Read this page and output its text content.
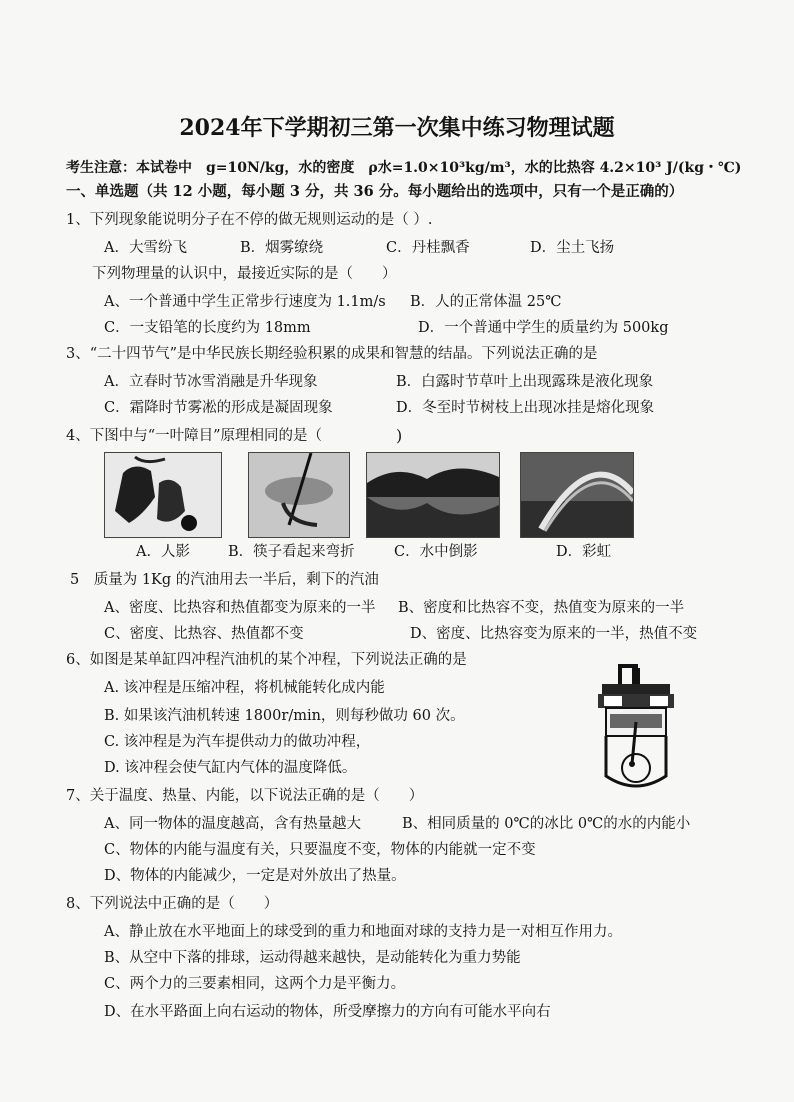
2024年下学期初三第一次集中练习物理试题
考生注意：本试卷中　g=10N/kg，水的密度　ρ水=1.0×10³kg/m³，水的比热容 4.2×10³ J/(kg・℃)
一、单选题（共 12 小题，每小题 3 分，共 36 分。每小题给出的选项中，只有一个是正确的）
1、下列现象能说明分子在不停的做无规则运动的是（ ）.
A．大雪纷飞	B．烟雾缭绕	C．丹桂飘香	D．尘土飞扬
下列物理量的认识中，最接近实际的是（　　）
A、一个普通中学生正常步行速度为 1.1m/s B．人的正常体温 25℃
C．一支铅笔的长度约为 18mm	D．一个普通中学生的质量约为 500kg
3、“二十四节气”是中华民族长期经验积累的成果和智慧的结晶。下列说法正确的是
A．立春时节冰雪消融是升华现象	B．白露时节草叶上出现露珠是液化现象
C．霜降时节雾凇的形成是凝固现象	D．冬至时节树枝上出现冰挂是熔化现象
4、下图中与“一叶障目”原理相同的是（	)
A．人影	B．筷子看起来弯折	C．水中倒影	D．彩虹
5　质量为 1Kg 的汽油用去一半后，剩下的汽油
A、密度、比热容和热值都变为原来的一半 B、密度和比热容不变，热值变为原来的一半
C、密度、比热容、热值都不变	D、密度、比热容变为原来的一半，热值不变
6、如图是某单缸四冲程汽油机的某个冲程，下列说法正确的是
A. 该冲程是压缩冲程，将机械能转化成内能
B. 如果该汽油机转速 1800r/min，则每秒做功 60 次。
C. 该冲程是为汽车提供动力的做功冲程，
D. 该冲程会使气缸内气体的温度降低。
7、关于温度、热量、内能，以下说法正确的是（　　）
A、同一物体的温度越高，含有热量越大	B、相同质量的 0℃的冰比 0℃的水的内能小
C、物体的内能与温度有关，只要温度不变，物体的内能就一定不变
D、物体的内能减少，一定是对外放出了热量。
8、下列说法中正确的是（　　）
A、静止放在水平地面上的球受到的重力和地面对球的支持力是一对相互作用力。
B、从空中下落的排球，运动得越来越快，是动能转化为重力势能
C、两个力的三要素相同，这两个力是平衡力。
D、在水平路面上向右运动的物体，所受摩擦力的方向有可能水平向右
